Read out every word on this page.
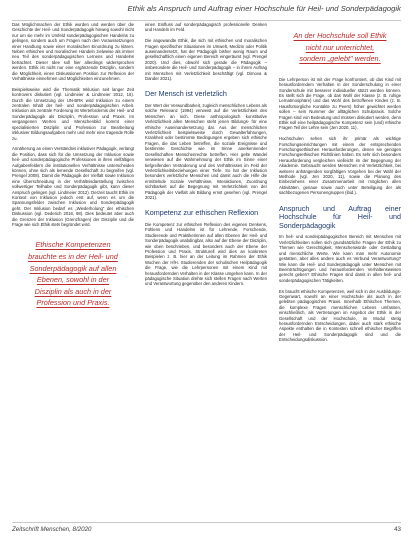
Ethik als Anspruch und Auftrag einer Hochschule für Heil- und Sonderpädagogik

Das Möglichmachen der Ethik wurden und werden über die Geschichte der Heil- und Sonderpädagogik hinweg sowohl nicht nur um sie mehr im Umfeld sonderpädagogischen Handelns zu gelingen, sondern auch um Fragen nach den Voraussetzungen einer Handlung sowie einer moralischen Einordnung zu klären. Neben ethischen und moralischen Handeln zielweise als immer neu Teil des sonderpädagogischen Lernens und Handelns betrachtet. Dieser Idee soll hier allerdings widersprochen werden. Ethik ist nicht nur eine ergänzende Disziplin, sondern die Möglichkeit, einen Diskussionen Position zur Reflexion der Verhältnisse einnehmen und Möglichkeiten einzunehmen.

Beispielsweise wird die Thematik Inklusion seit langer Zeit kontrovers diskutiert (vgl. Lindmeier & Lindmeier 2012, 16). Durch die Umsetzung der UN-BRK wird Inklusion zu einem zentralen Inhalt der heil- und sonderpädagogischen Arbeit. Inklusion als zentrale Forderung ist Wertefordernis der Heil- und Sonderpädagogik als Disziplin, Profession und Praxis. Im vergangenen Werten und Menschenbild kommt einer spezialisierten Disziplin und Profession zur Bearbeitung inklusiver Bildungsaufgaben mehr und mehr eine tragende Rolle zu.

Annäherung an einen Verständnis inklusiver Pädagogik, verlangt die Position, dass sich für die Umsetzung der Inklusion sowie heil- und sonderpädagogische Professionen in ihren vielfältigen Aufgabenfeldern die institutionellen Verhältnisse unterscheiden können, ohne sich als lernende Gesellschaft zu begreifen (vgl. Prengel 2008). Damit die Pädagogik der Vielfalt sowie Inklusion eine Überschneidung in der Verhältnisdarstellung zwischen vollwertiger Teilhabe und Sonderpädagogik gibt, kann dieser Anspruch gelingen (vgl. Lindmeier 2012). Derzeit taucht Ethik im Kontext von Inklusion jedoch erst auf, wenn es um die Spannungsfelder zwischen Inklusion und Sonderpädagogik geht. Der Inklusion bedarf es „Wiederholung“ der ethischen Diskussion (vgl. Dederich 2016, 98). Dies bedeutet aber auch die Grenzen der Inklusion (Grenzfragen) der Disziplin und die Frage wie sich Ethik stets begründet wird.

Ethische Kompetenzen
brauchte es in der Heil- und
Sonderpädagogik auf allen
Ebenen, sowohl in der
Disziplin als auch in der
Profession und Praxis.

einen Einfluss auf sonderpädagogisch professionelle Denken und Handeln im Feld.

Die angewandte Ethik, die sich mit ethischen und moralischen Fragen spezifischer Situationen im Umwelt, Medizin oder Politik auseinandersetzt, hat der Pädagogik bisher wenig Raum und gesellschaftlich einen eigenen Bereich eingeräumt (vgl. Prengel 2020). Und dies, obwohl sich gerade die Pädagogik – insbesondere die Heil- und Sonderpädagogik – in ihrem Auftrag mit Menschen mit Verletzlichkeit beschäftigt (vgl. Dimova & Dander 2021).

Der Mensch ist verletzlich

Der Wert der Verwundbarkeit, zugleich menschlichen Lebens als solche Relevanz (1994) verweist auf die Verletzlichkeit des Menschen an sich. Diese anthropologisch konstitutive Verletzlichkeit allen Menschen steht jenen Bildungs- für eine ethische Auseinandersetzung dar. Aus der menschlichen Verletzlichkeit beispielsweise durch Gewalterfahrungen, Krankheit oder bestimmte Bedingungen ergeben sich ethische Fragen, die das Leben betreffen, die soziale Ereignisse und bestimmte Geschichte wie im Sinne anerkennender Gesellschaften Menschenrechte betreffen. Hier gelte Wandel verwiesen auf die Wahrnehmung der Ethik im Sinne einer tiefgreifenden Veränderung und des Verhältnisses im Feld der Verletzlichkeitsbeziehungen einer Tiefe. So hat der Inklusion besonders verletzliche Menschen und damit auch die Hilfe die ermittelnde Soziale Verhältnisse, Interaktionen, Zuordnung sichtbarkeit auf die Begegnung mit Verletzlichkeit von der Pädagogik der Vielfalt als Bildung ernst gesehen (vgl. Prengel 2021).

Kompetenz zur ethischen Reflexion

Die Kompetenz zur ethischen Reflexion des eigenen Denkens, Fühlens und Handelns ist für Lehrende, Forschende, Studierende und Praktikerinnen auf allen Ebenen der Heil- und Sonderpädagogik unabdingbar, also auf der Ebene der Disziplin, wie oben beschrieben, und besonders auch der Ebene der Profession und Praxis. Strukturell wird dies an konkreten Beispielen z. B. hier an der Leitung im Rahmen der Ethik Wochen der HfH. Studierenden der schulischen Heilpädagogik die Frage, wie die Lehrpersonen mit einem Kind mit herausfordernden Verhalten in der Klasse umgehen kann. In der pädagogische Situation drehte sich stellen Fragen nach Werten und Verantwortung gegenüber den anderen Kindern.

An der Hochschule soll Ethik
nicht nur unterrichtet,
sondern „gelebt" werden.

Die Lehrperson ist mit der Frage konfrontiert, ob das Kind mit herausforderndem Verhalten in der Sonderschulung in einer Sonderschule mit besserer individueller stützt werden können. Es stellt sich die Frage, ob das Wohl der Klasse (z. B. ruhige Lernatmosphäre) und das Wohl des betroffenen Kindes (z. B. Hausfürsorgliche Kontakte zu Peers) höher gewichtet werden sollen – sein Nummer der alltäglichen Schulpraxis. Solche Fragen sind von Bedeutung und müssen diskutiert werden, denn Ethik soll eine heilpädagogische Kompetenz sein (und) ethische Fragen Teil der Lehre sein (Jen 2020, 11).

Hochschulen sehen sich ihr primär als wichtige Forschungseinrichtungen mit einem der entsprechenden Forschungsethischen Herausforderungen, denen sie genügen Forschungsethischen Richtlinien halten. Es sehr sich besonders Herausforderung vergleichen vielleicht im der Begegnung der Akademie. Gebraucht werden Menschen mit Verletzlichkeit, bei weiterer anhängenden sorgfältigen Vorgehen bei der Wahl der Methode (vgl. Jen 2020, 11), sowie die Planung des Einbeziehens einer Zusammenarbeit mit möglichen allen Aktivitäten, genaue sowie auch unter Beteiligung der als sachbezogenen Personengruppen (ibid.).

Anspruch und Auftrag einer Hochschule für Heil- und Sonderpädagogik

Im heil- und sonderpädagogischen Bereich mit Menschen mit Verletzlichkeiten sollen sich grundsätzliche Fragen der Ethik zu Themen wie Gerechtigkeit, Menschenwürde oder Gestaltung und menschliche Werte. Wie kann man mehr Autonomie gestatten, aber alles andere auch es Verbund Verantwortung? Wie kann die Heil- und Sonderpädagogik unter Menschen mit Beeinträchtigungen und herausfordernden Verhaltensweisen gerecht geben? Ethische Fragen sind damit in allen heil- und sonderpädagogischen Tätigkeiten.

Es braucht ethische Kompetenzen, weil sich in der Ausbildungs-Gegenwart, sowohl an einer Hochschule als auch in der gelebten pädagogischen Praxis. Innerhalb Ethischen Themen, die komplexe Fragen menschlichen Lebens umfassen, einschließlich, als Vertretungen im Angebot der Ethik in der Gesellschaft und der Hochschule, im Modul stetig herausfordernden Entscheidungen, dabei auch stark ethische Aspekte enthalten die in Kontexten schnell ethischer Begriffen der Heil- und Sonderpädagogik sind und die Entscheidungsdiskussion.

Zeitschrift Menschen, 8/2020	43
